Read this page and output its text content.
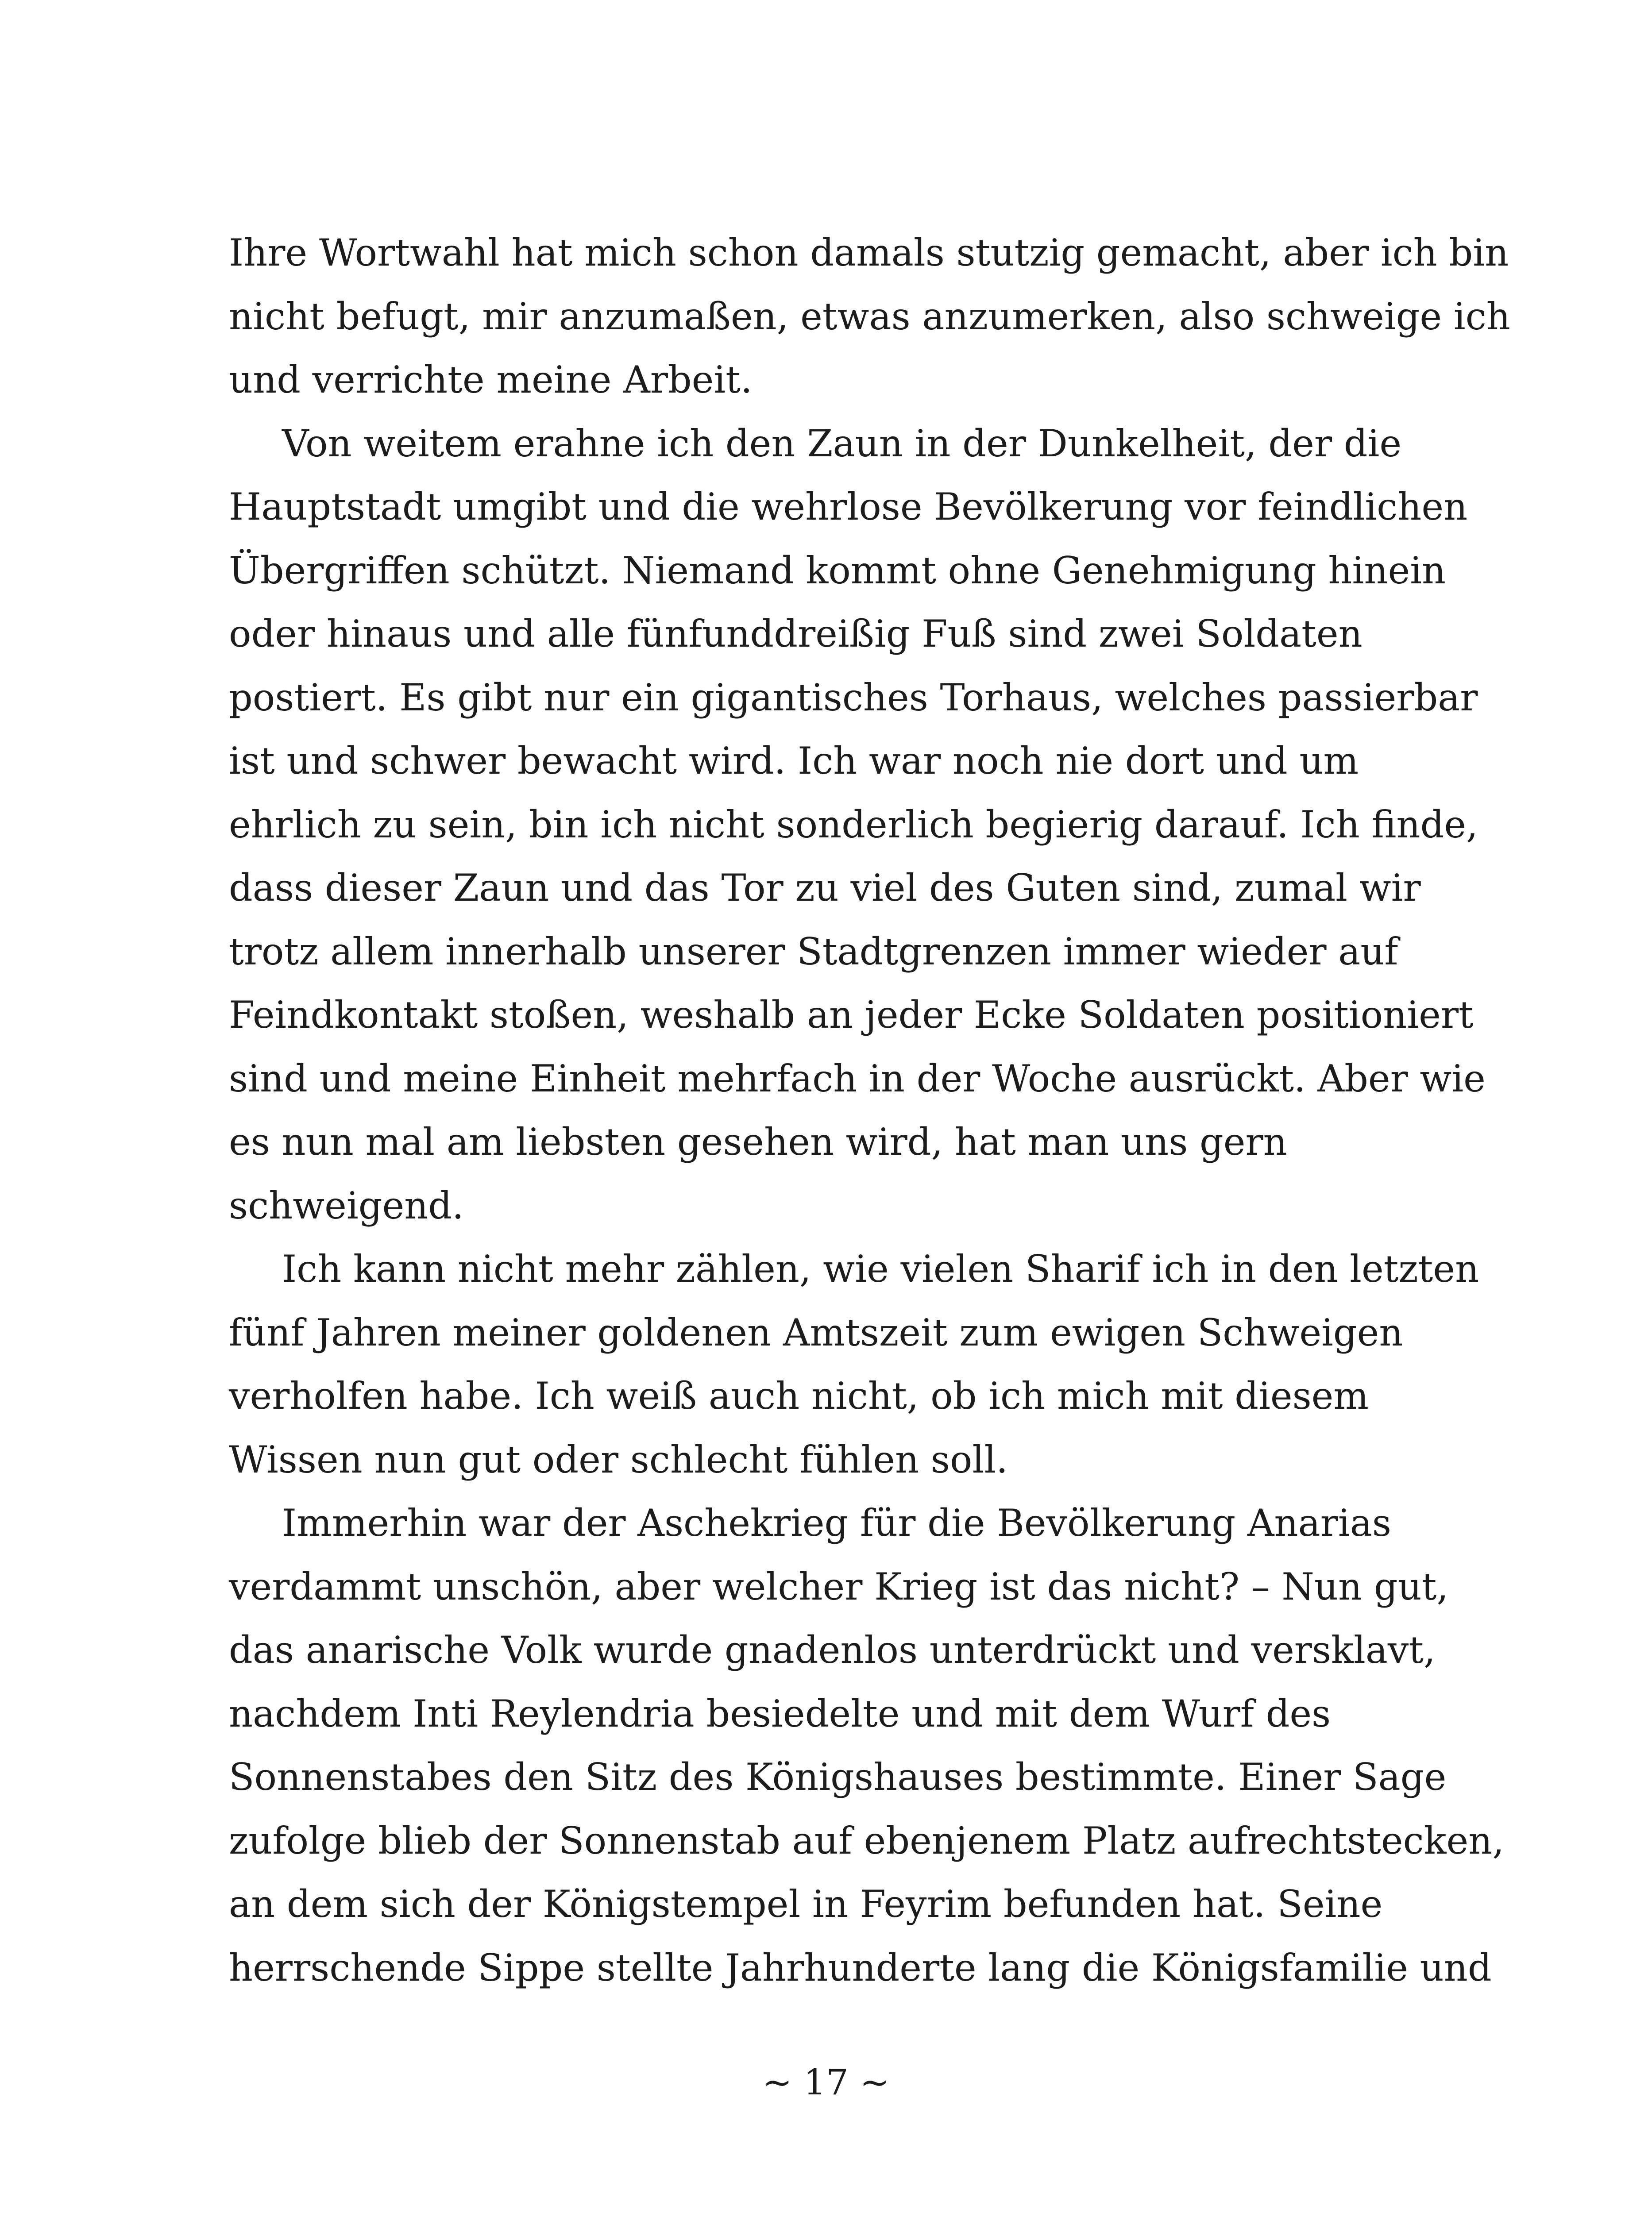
Ihre Wortwahl hat mich schon damals stutzig gemacht, aber ich bin
nicht befugt, mir anzumaßen, etwas anzumerken, also schweige ich
und verrichte meine Arbeit.
Von weitem erahne ich den Zaun in der Dunkelheit, der die
Hauptstadt umgibt und die wehrlose Bevölkerung vor feindlichen
Übergriffen schützt. Niemand kommt ohne Genehmigung hinein
oder hinaus und alle fünfunddreißig Fuß sind zwei Soldaten
postiert. Es gibt nur ein gigantisches Torhaus, welches passierbar
ist und schwer bewacht wird. Ich war noch nie dort und um
ehrlich zu sein, bin ich nicht sonderlich begierig darauf. Ich finde,
dass dieser Zaun und das Tor zu viel des Guten sind, zumal wir
trotz allem innerhalb unserer Stadtgrenzen immer wieder auf
Feindkontakt stoßen, weshalb an jeder Ecke Soldaten positioniert
sind und meine Einheit mehrfach in der Woche ausrückt. Aber wie
es nun mal am liebsten gesehen wird, hat man uns gern
schweigend.
Ich kann nicht mehr zählen, wie vielen Sharif ich in den letzten
fünf Jahren meiner goldenen Amtszeit zum ewigen Schweigen
verholfen habe. Ich weiß auch nicht, ob ich mich mit diesem
Wissen nun gut oder schlecht fühlen soll.
Immerhin war der Aschekrieg für die Bevölkerung Anarias
verdammt unschön, aber welcher Krieg ist das nicht? – Nun gut,
das anarische Volk wurde gnadenlos unterdrückt und versklavt,
nachdem Inti Reylendria besiedelte und mit dem Wurf des
Sonnenstabes den Sitz des Königshauses bestimmte. Einer Sage
zufolge blieb der Sonnenstab auf ebenjenem Platz aufrechtstecken,
an dem sich der Königstempel in Feyrim befunden hat. Seine
herrschende Sippe stellte Jahrhunderte lang die Königsfamilie und
~ 17 ~
